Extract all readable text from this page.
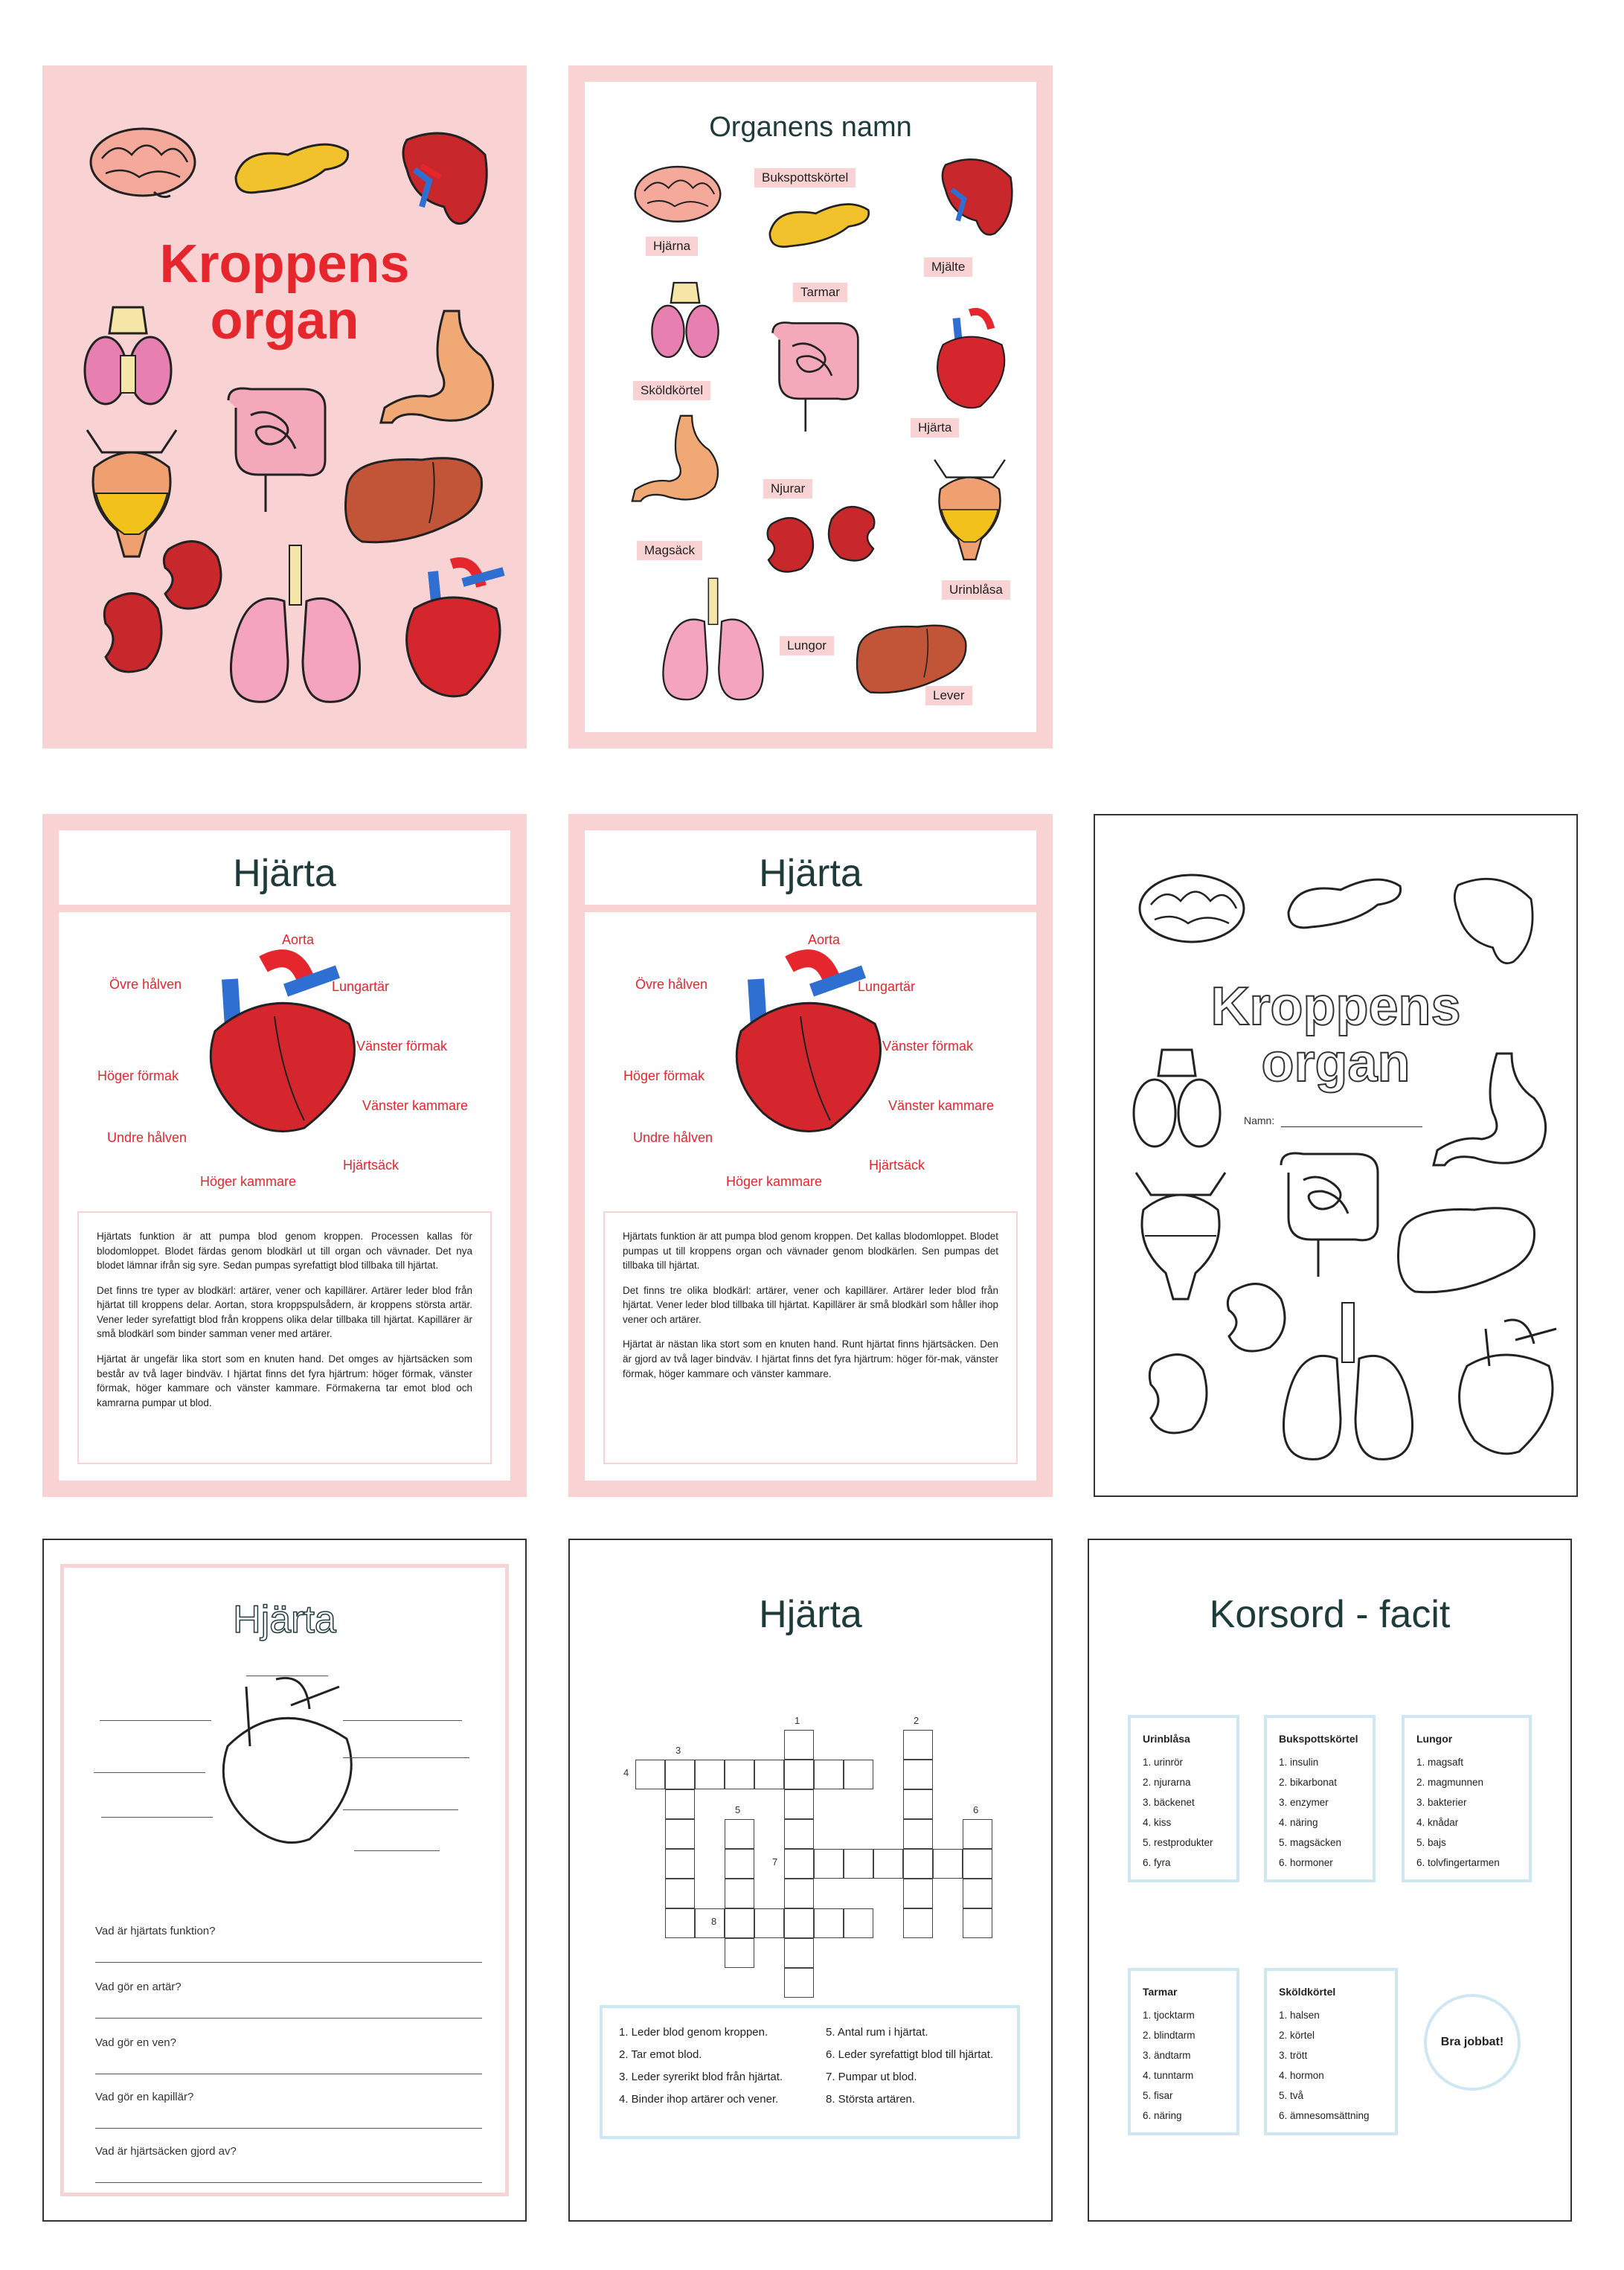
Kroppens
organ
Organens namn
Hjärna
Bukspottskörtel
Mjälte
Tarmar
Sköldkörtel
Hjärta
Magsäck
Njurar
Urinblåsa
Lungor
Lever
Hjärta
Aorta
Övre hålven	Lungartär
Vänster förmak
Höger förmak
Vänster kammare
Undre hålven
Hjärtsäck
Höger kammare

Hjärtats funktion är att pumpa blod genom kroppen. Processen kallas för blodomloppet. Blodet färdas genom blodkärl ut till organ och vävnader. Det nya blodet lämnar ifrån sig syre. Sedan pumpas syrefattigt blod tillbaka till hjärtat.

Det finns tre typer av blodkärl: artärer, vener och kapillärer. Artärer leder blod från hjärtat till kroppens delar. Aortan, stora kroppspulsådern, är kroppens största artär. Vener leder syrefattigt blod från kroppens olika delar tillbaka till hjärtat. Kapillärer är små blodkärl som binder samman vener med artärer.

Hjärtat är ungefär lika stort som en knuten hand. Det omges av hjärtsäcken som består av två lager bindväv. I hjärtat finns det fyra hjärtrum: höger förmak, vänster förmak, höger kammare och vänster kammare. Förmakerna tar emot blod och kamrarna pumpar ut blod.

Hjärta
Aorta
Övre hålven	Lungartär
Vänster förmak
Höger förmak
Vänster kammare
Undre hålven
Hjärtsäck
Höger kammare

Hjärtats funktion är att pumpa blod genom kroppen. Det kallas blodomloppet. Blodet pumpas ut till kroppens organ och vävnader genom blodkärlen. Sen pumpas det tillbaka till hjärtat.

Det finns tre olika blodkärl: artärer, vener och kapillärer. Artärer leder blod från hjärtat. Vener leder blod tillbaka till hjärtat. Kapillärer är små blodkärl som håller ihop vener och artärer.

Hjärtat är nästan lika stort som en knuten hand. Runt hjärtat finns hjärtsäcken. Den är gjord av två lager bindväv. I hjärtat finns det fyra hjärtrum: höger för-mak, vänster förmak, höger kammare och vänster kammare.

Kroppens
organ
Namn:
Hjärta
Vad är hjärtats funktion?
Vad gör en artär?
Vad gör en ven?
Vad gör en kapillär?
Vad är hjärtsäcken gjord av?
Hjärta
1	2
3
4
5	6
7
8
1. Leder blod genom kroppen.
2. Tar emot blod.
3. Leder syrerikt blod från hjärtat.
4. Binder ihop artärer och vener.
5. Antal rum i hjärtat.
6. Leder syrefattigt blod till hjärtat.
7. Pumpar ut blod.
8. Största artären.
Korsord - facit
Urinblåsa
1. urinrör
2. njurarna
3. bäckenet
4. kiss
5. restprodukter
6. fyra
Bukspottskörtel
1. insulin
2. bikarbonat
3. enzymer
4. näring
5. magsäcken
6. hormoner
Lungor
1. magsaft
2. magmunnen
3. bakterier
4. knådar
5. bajs
6. tolvfingertarmen
Tarmar
1. tjocktarm
2. blindtarm
3. ändtarm
4. tunntarm
5. fisar
6. näring
Sköldkörtel
1. halsen
2. körtel
3. trött
4. hormon
5. två
6. ämnesomsättning
Bra jobbat!
